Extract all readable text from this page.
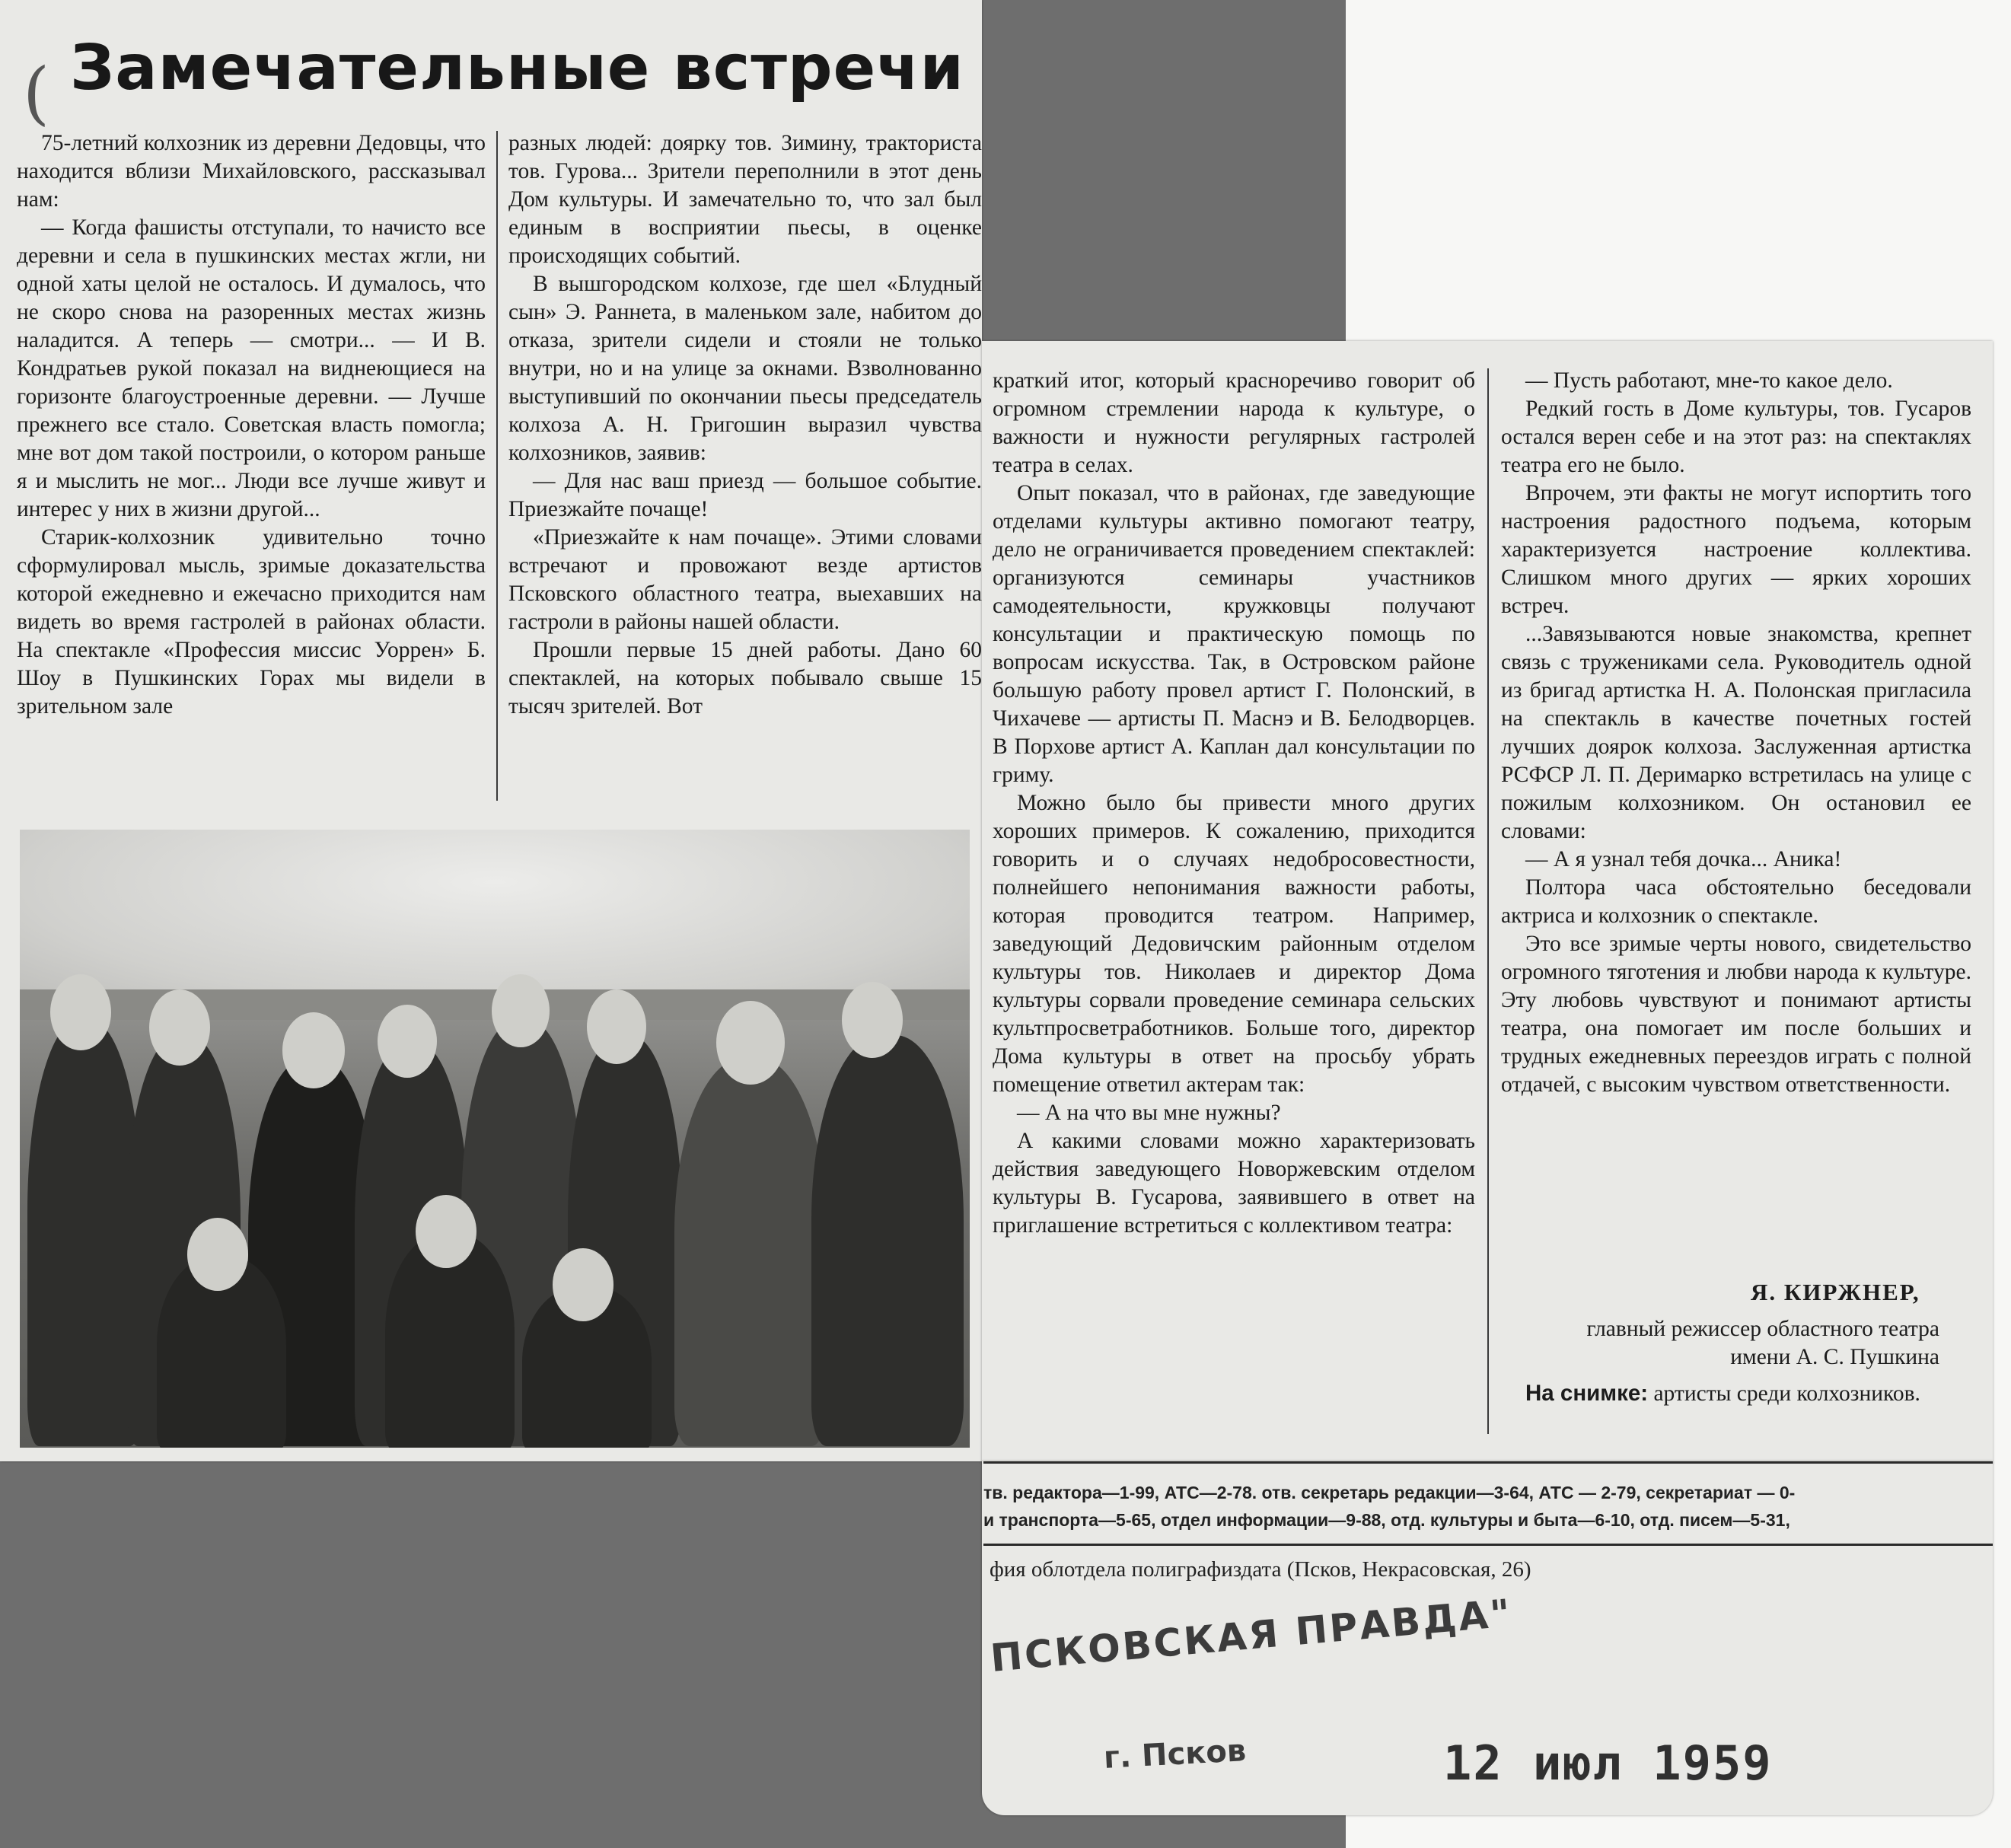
( Замечательные встречи

75-летний колхозник из деревни Дедовцы, что находится вблизи Михайловского, рассказывал нам:

— Когда фашисты отступали, то начисто все деревни и села в пушкинских местах жгли, ни одной хаты целой не осталось. И думалось, что не скоро снова на разоренных местах жизнь наладится. А теперь — смотри... — И В. Кондратьев рукой показал на виднеющиеся на горизонте благоустроенные деревни. — Лучше прежнего все стало. Советская власть помогла; мне вот дом такой построили, о котором раньше я и мыслить не мог... Люди все лучше живут и интерес у них в жизни другой...

Старик-колхозник удивительно точно сформулировал мысль, зримые доказательства которой ежедневно и ежечасно приходится нам видеть во время гастролей в районах области. На спектакле «Профессия миссис Уоррен» Б. Шоу в Пушкинских Горах мы видели в зрительном зале

разных людей: доярку тов. Зимину, тракториста тов. Гурова... Зрители переполнили в этот день Дом культуры. И замечательно то, что зал был единым в восприятии пьесы, в оценке происходящих событий.

В вышгородском колхозе, где шел «Блудный сын» Э. Раннета, в маленьком зале, набитом до отказа, зрители сидели и стояли не только внутри, но и на улице за окнами. Взволнованно выступивший по окончании пьесы председатель колхоза А. Н. Григошин выразил чувства колхозников, заявив:

— Для нас ваш приезд — большое событие. Приезжайте почаще!

«Приезжайте к нам почаще». Этими словами встречают и провожают везде артистов Псковского областного театра, выехавших на гастроли в районы нашей области.

Прошли первые 15 дней работы. Дано 60 спектаклей, на которых побывало свыше 15 тысяч зрителей. Вот

краткий итог, который красноречиво говорит об огромном стремлении народа к культуре, о важности и нужности регулярных гастролей театра в селах.

Опыт показал, что в районах, где заведующие отделами культуры активно помогают театру, дело не ограничивается проведением спектаклей: организуются семинары участников самодеятельности, кружковцы получают консультации и практическую помощь по вопросам искусства. Так, в Островском районе большую работу провел артист Г. Полонский, в Чихачеве — артисты П. Маснэ и В. Белодворцев. В Порхове артист А. Каплан дал консультации по гриму.

Можно было бы привести много других хороших примеров. К сожалению, приходится говорить и о случаях недобросовестности, полнейшего непонимания важности работы, которая проводится театром. Например, заведующий Дедовичским районным отделом культуры тов. Николаев и директор Дома культуры сорвали проведение семинара сельских культпросветработников. Больше того, директор Дома культуры в ответ на просьбу убрать помещение ответил актерам так:

— А на что вы мне нужны?

А какими словами можно характеризовать действия заведующего Новоржевским отделом культуры В. Гусарова, заявившего в ответ на приглашение встретиться с коллективом театра:

— Пусть работают, мне-то какое дело.

Редкий гость в Доме культуры, тов. Гусаров остался верен себе и на этот раз: на спектаклях театра его не было.

Впрочем, эти факты не могут испортить того настроения радостного подъема, которым характеризуется настроение коллектива. Слишком много других — ярких хороших встреч.

...Завязываются новые знакомства, крепнет связь с тружениками села. Руководитель одной из бригад артистка Н. А. Полонская пригласила на спектакль в качестве почетных гостей лучших доярок колхоза. Заслуженная артистка РСФСР Л. П. Деримарко встретилась на улице с пожилым колхозником. Он остановил ее словами:

— А я узнал тебя дочка... Аника!

Полтора часа обстоятельно беседовали актриса и колхозник о спектакле.

Это все зримые черты нового, свидетельство огромного тяготения и любви народа к культуре. Эту любовь чувствуют и понимают артисты театра, она помогает им после больших и трудных ежедневных переездов играть с полной отдачей, с высоким чувством ответственности.

Я. КИРЖНЕР,
главный режиссер областного театра имени А. С. Пушкина
На снимке: артисты среди колхозников.
тв. редактора—1-99, АТС—2-78. отв. секретарь редакции—3-64, АТС — 2-79, секретариат — 0-
и транспорта—5-65, отдел информации—9-88, отд. культуры и быта—6-10, отд. писем—5-31,
фия облотдела полиграфиздата (Псков, Некрасовская, 26)
ПСКОВСКАЯ ПРАВДА"
г. Псков	12 июл 1959
